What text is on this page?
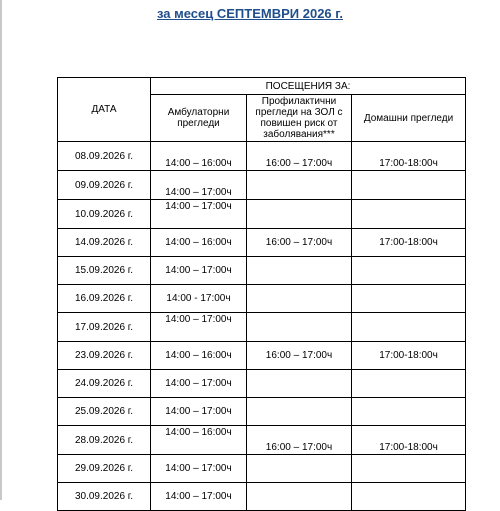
за месец СЕПТЕМВРИ 2026 г.
ДАТА	ПОСЕЩЕНИЯ ЗА:		
	Амбулаторни прегледи	Профилактични прегледи на ЗОЛ с повишен риск от заболявания***	Домашни прегледи
08.09.2026 г.	14:00 – 16:00ч	16:00 – 17:00ч	17:00-18:00ч
09.09.2026 г.	14:00 – 17:00ч		
10.09.2026 г.	14:00 – 17:00ч		
14.09.2026 г.	14:00 – 16:00ч	16:00 – 17:00ч	17:00-18:00ч
15.09.2026 г.	14:00 – 17:00ч		
16.09.2026 г.	14:00 - 17:00ч		
17.09.2026 г.	14:00 – 17:00ч		
23.09.2026 г.	14:00 – 16:00ч	16:00 – 17:00ч	17:00-18:00ч
24.09.2026 г.	14:00 – 17:00ч		
25.09.2026 г.	14:00 – 17:00ч		
28.09.2026 г.	14:00 – 16:00ч	16:00 – 17:00ч	17:00-18:00ч
29.09.2026 г.	14:00 – 17:00ч		
30.09.2026 г.	14:00 – 17:00ч		
